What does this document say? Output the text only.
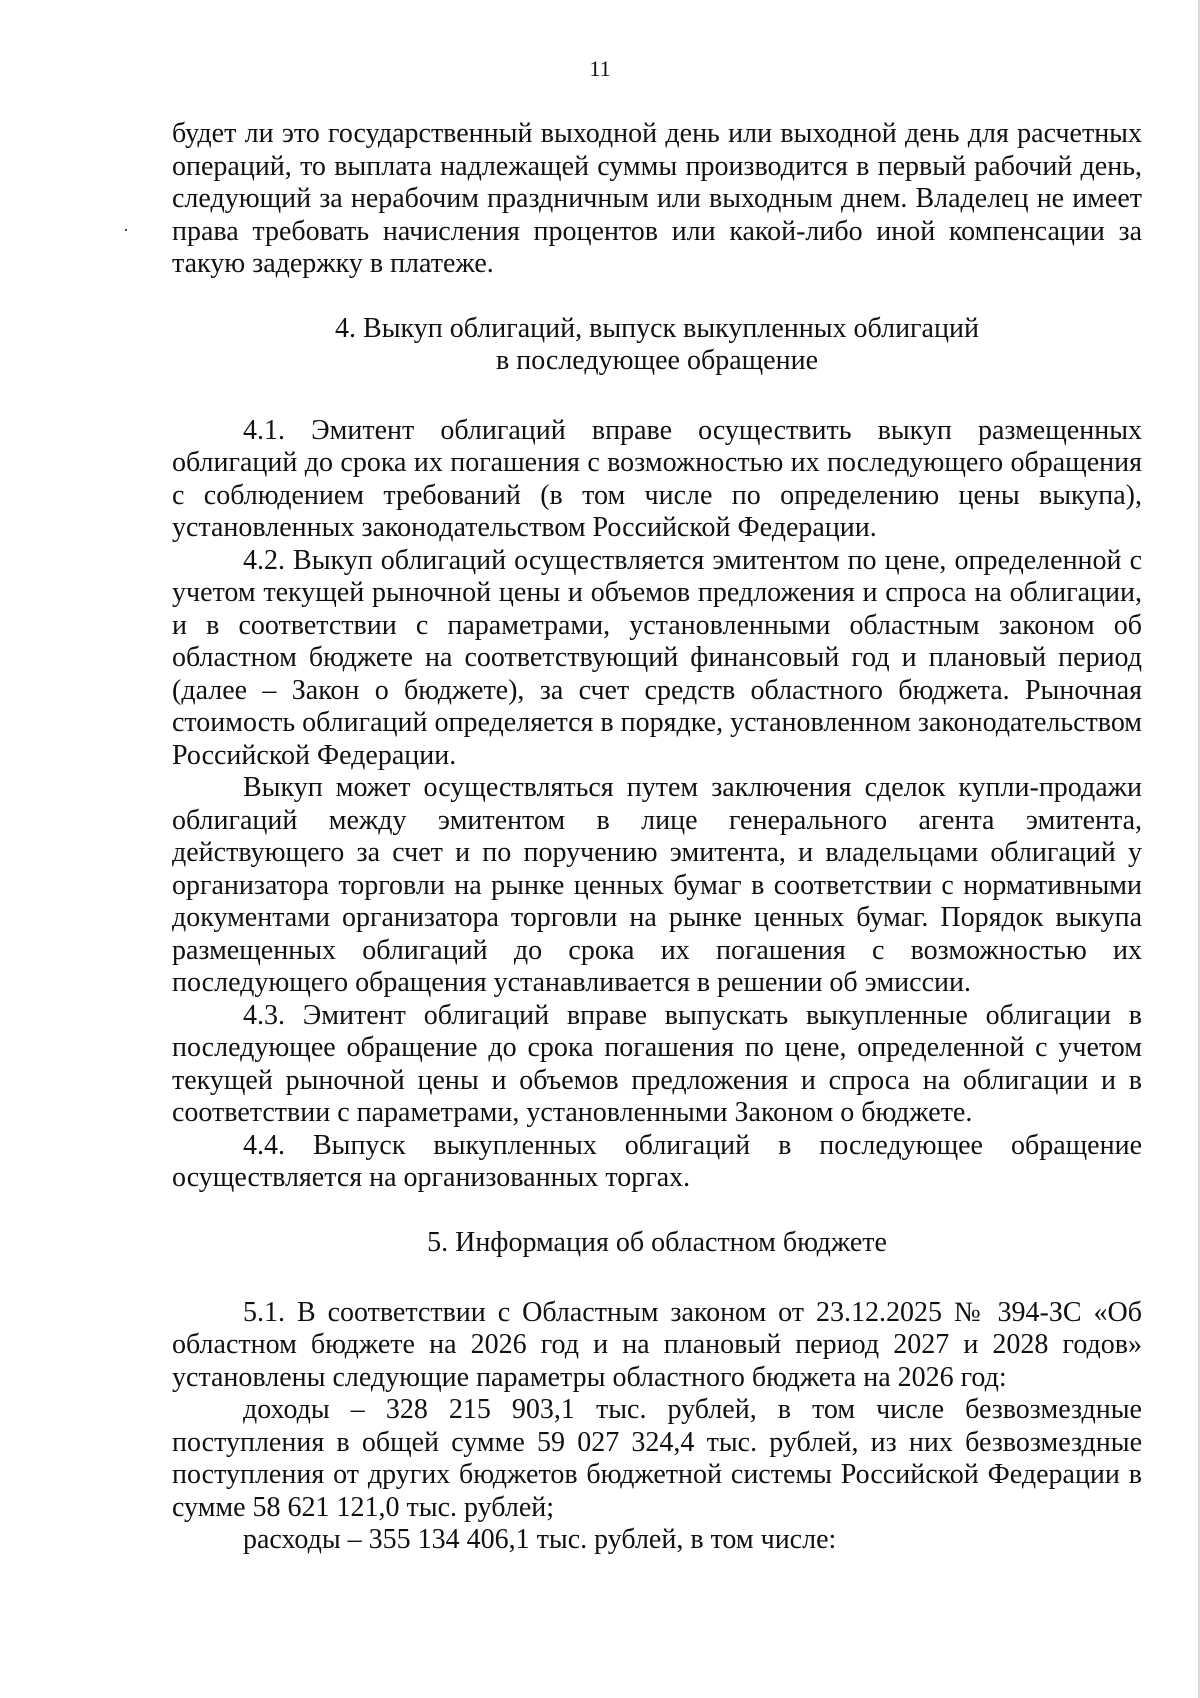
11

будет ли это государственный выходной день или выходной день для расчетных операций, то выплата надлежащей суммы производится в первый рабочий день, следующий за нерабочим праздничным или выходным днем. Владелец не имеет права требовать начисления процентов или какой-либо иной компенсации за такую задержку в платеже.

4. Выкуп облигаций, выпуск выкупленных облигаций
в последующее обращение

4.1. Эмитент облигаций вправе осуществить выкуп размещенных облигаций до срока их погашения с возможностью их последующего обращения с соблюдением требований (в том числе по определению цены выкупа), установленных законодательством Российской Федерации.

4.2. Выкуп облигаций осуществляется эмитентом по цене, определенной с учетом текущей рыночной цены и объемов предложения и спроса на облигации, и в соответствии с параметрами, установленными областным законом об областном бюджете на соответствующий финансовый год и плановый период (далее – Закон о бюджете), за счет средств областного бюджета. Рыночная стоимость облигаций определяется в порядке, установленном законодательством Российской Федерации.

Выкуп может осуществляться путем заключения сделок купли-продажи облигаций между эмитентом в лице генерального агента эмитента, действующего за счет и по поручению эмитента, и владельцами облигаций у организатора торговли на рынке ценных бумаг в соответствии с нормативными документами организатора торговли на рынке ценных бумаг. Порядок выкупа размещенных облигаций до срока их погашения с возможностью их последующего обращения устанавливается в решении об эмиссии.

4.3. Эмитент облигаций вправе выпускать выкупленные облигации в последующее обращение до срока погашения по цене, определенной с учетом текущей рыночной цены и объемов предложения и спроса на облигации и в соответствии с параметрами, установленными Законом о бюджете.

4.4. Выпуск выкупленных облигаций в последующее обращение осуществляется на организованных торгах.

5. Информация об областном бюджете

5.1. В соответствии с Областным законом от 23.12.2025 № 394-ЗС «Об областном бюджете на 2026 год и на плановый период 2027 и 2028 годов» установлены следующие параметры областного бюджета на 2026 год:

доходы – 328 215 903,1 тыс. рублей, в том числе безвозмездные поступления в общей сумме 59 027 324,4 тыс. рублей, из них безвозмездные поступления от других бюджетов бюджетной системы Российской Федерации в сумме 58 621 121,0 тыс. рублей;

расходы – 355 134 406,1 тыс. рублей, в том числе:
